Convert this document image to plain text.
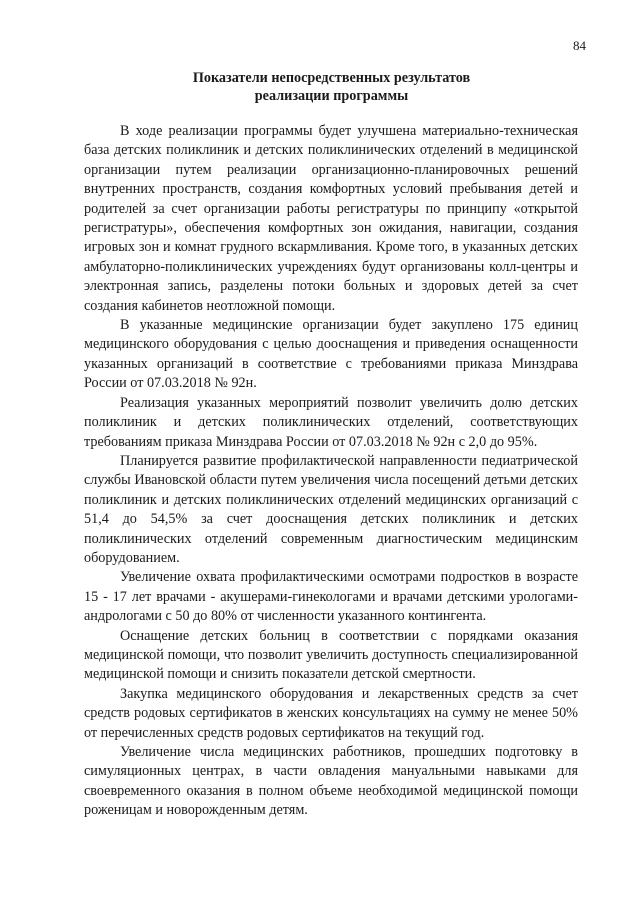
84
Показатели непосредственных результатов
реализации программы

В ходе реализации программы будет улучшена материально-техническая база детских поликлиник и детских поликлинических отделений в медицинской организации путем реализации организационно-планировочных решений внутренних пространств, создания комфортных условий пребывания детей и родителей за счет организации работы регистратуры по принципу «открытой регистратуры», обеспечения комфортных зон ожидания, навигации, создания игровых зон и комнат грудного вскармливания. Кроме того, в указанных детских амбулаторно-поликлинических учреждениях будут организованы колл-центры и электронная запись, разделены потоки больных и здоровых детей за счет создания кабинетов неотложной помощи.

В указанные медицинские организации будет закуплено 175 единиц медицинского оборудования с целью дооснащения и приведения оснащенности указанных организаций в соответствие с требованиями приказа Минздрава России от 07.03.2018 № 92н.

Реализация указанных мероприятий позволит увеличить долю детских поликлиник и детских поликлинических отделений, соответствующих требованиям приказа Минздрава России от 07.03.2018 № 92н с 2,0 до 95%.

Планируется развитие профилактической направленности педиатрической службы Ивановской области путем увеличения числа посещений детьми детских поликлиник и детских поликлинических отделений медицинских организаций с 51,4 до 54,5% за счет дооснащения детских поликлиник и детских поликлинических отделений современным диагностическим медицинским оборудованием.

Увеличение охвата профилактическими осмотрами подростков в возрасте 15 - 17 лет врачами - акушерами-гинекологами и врачами детскими урологами-андрологами с 50 до 80% от численности указанного контингента.

Оснащение детских больниц в соответствии с порядками оказания медицинской помощи, что позволит увеличить доступность специализированной медицинской помощи и снизить показатели детской смертности.

Закупка медицинского оборудования и лекарственных средств за счет средств родовых сертификатов в женских консультациях на сумму не менее 50% от перечисленных средств родовых сертификатов на текущий год.

Увеличение числа медицинских работников, прошедших подготовку в симуляционных центрах, в части овладения мануальными навыками для своевременного оказания в полном объеме необходимой медицинской помощи роженицам и новорожденным детям.
